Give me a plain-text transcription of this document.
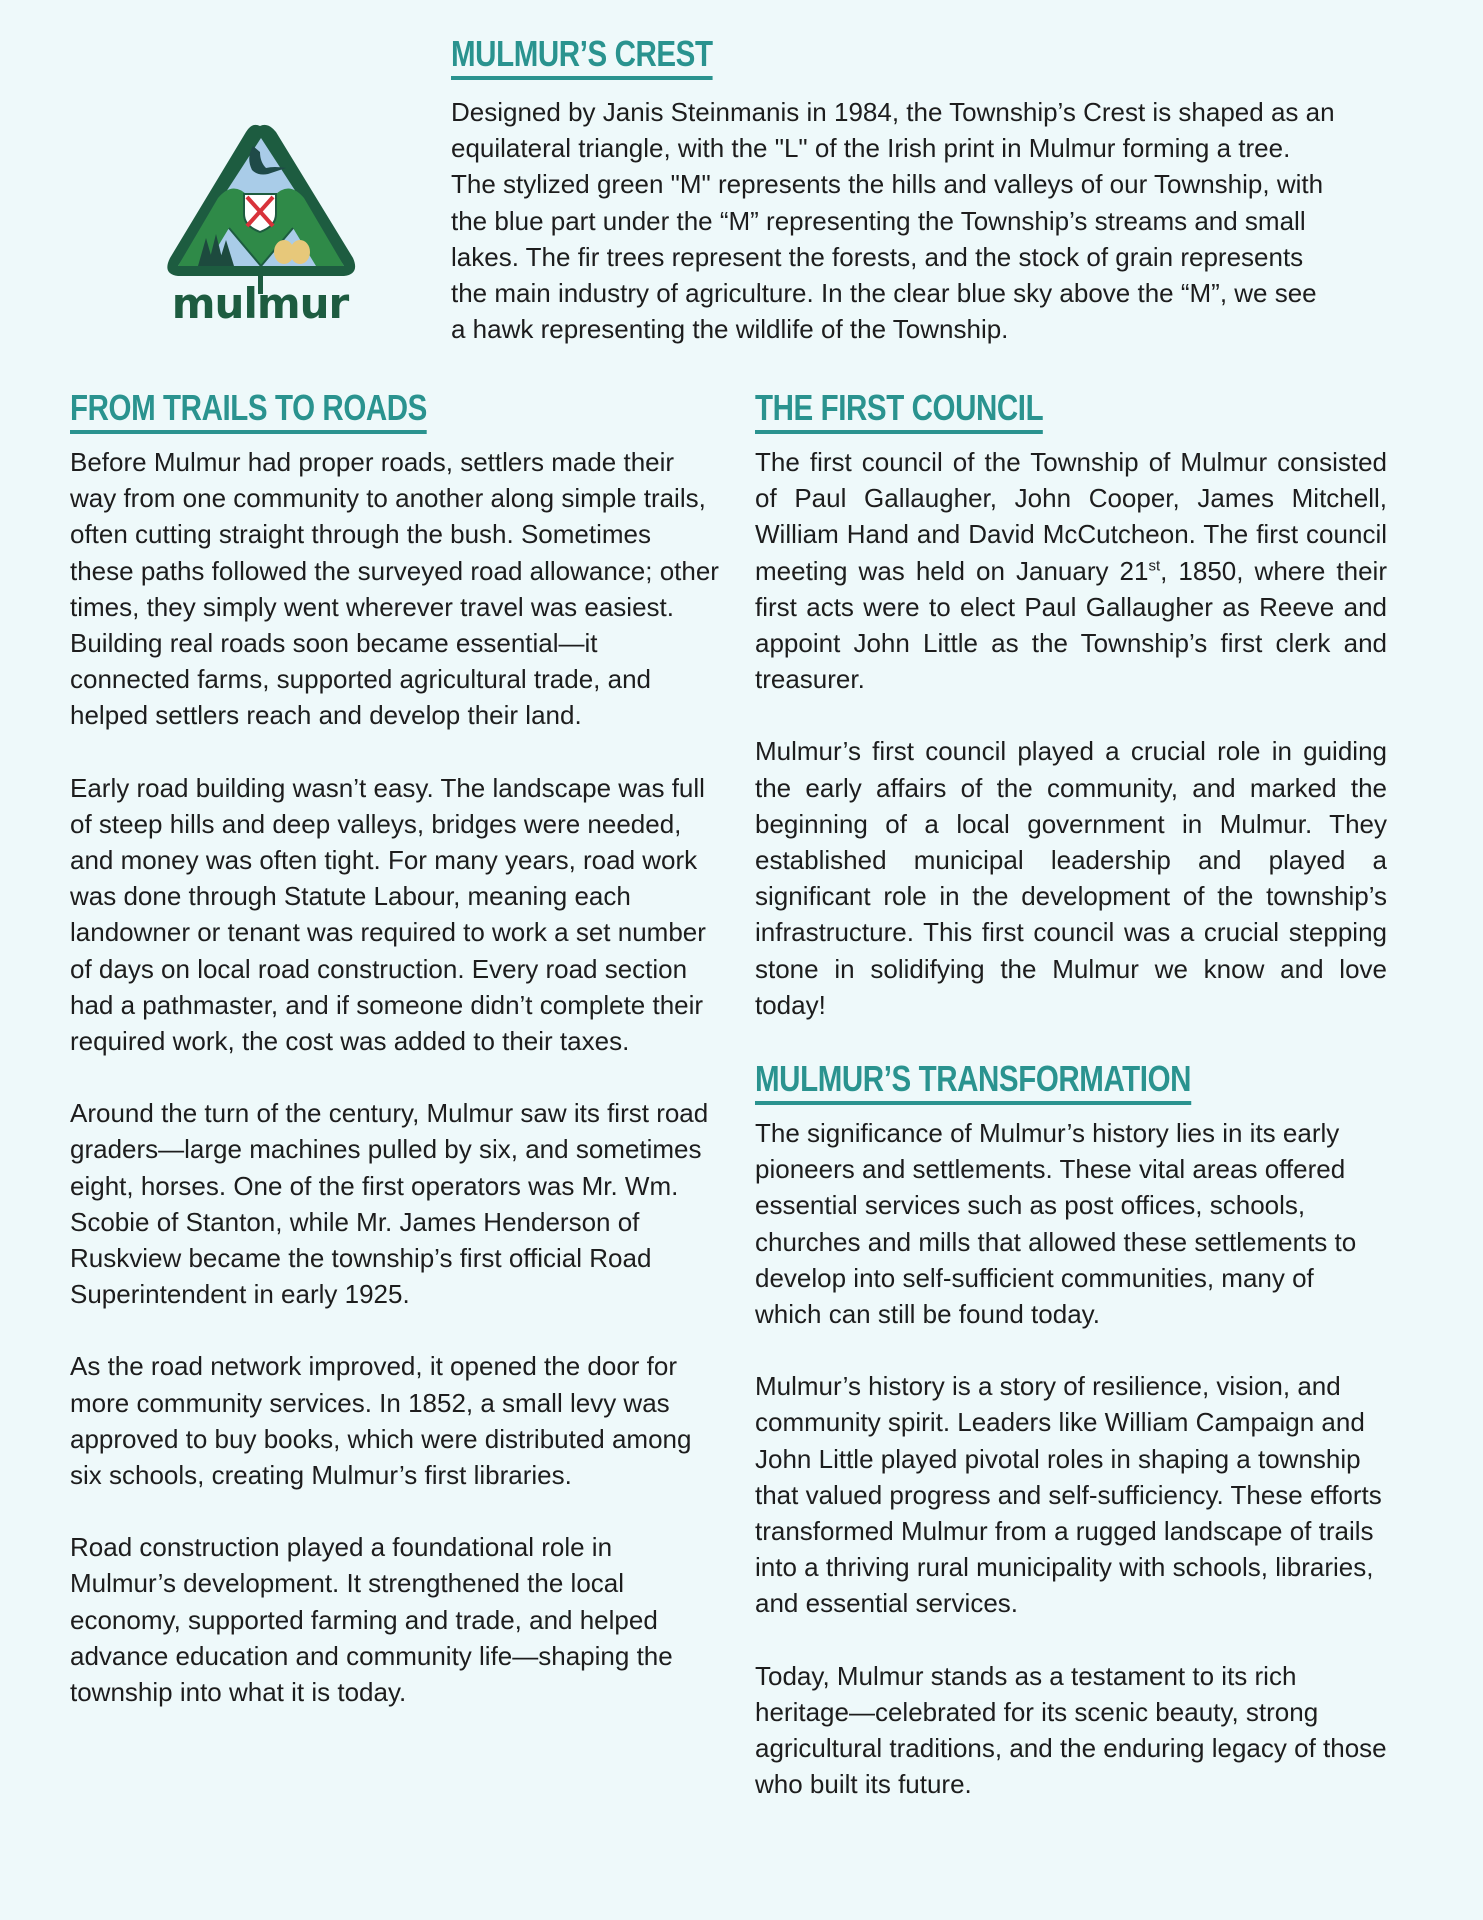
mulmur
MULMUR’S CREST
Designed by Janis Steinmanis in 1984, the Township’s Crest is shaped as an
equilateral triangle, with the "L" of the Irish print in Mulmur forming a tree.
The stylized green "M" represents the hills and valleys of our Township, with
the blue part under the “M” representing the Township’s streams and small
lakes. The fir trees represent the forests, and the stock of grain represents
the main industry of agriculture. In the clear blue sky above the “M”, we see
a hawk representing the wildlife of the Township.
FROM TRAILS TO ROADS

Before Mulmur had proper roads, settlers made their way from one community to another along simple trails, often cutting straight through the bush. Sometimes these paths followed the surveyed road allowance; other times, they simply went wherever travel was easiest. Building real roads soon became essential—it connected farms, supported agricultural trade, and helped settlers reach and develop their land.

Early road building wasn’t easy. The landscape was full of steep hills and deep valleys, bridges were needed, and money was often tight. For many years, road work was done through Statute Labour, meaning each landowner or tenant was required to work a set number of days on local road construction. Every road section had a pathmaster, and if someone didn’t complete their required work, the cost was added to their taxes.

Around the turn of the century, Mulmur saw its first road graders—large machines pulled by six, and sometimes eight, horses. One of the first operators was Mr. Wm. Scobie of Stanton, while Mr. James Henderson of Ruskview became the township’s first official Road Superintendent in early 1925.

As the road network improved, it opened the door for more community services. In 1852, a small levy was approved to buy books, which were distributed among six schools, creating Mulmur’s first libraries.

Road construction played a foundational role in Mulmur’s development. It strengthened the local economy, supported farming and trade, and helped advance education and community life—shaping the township into what it is today.

THE FIRST COUNCIL

The first council of the Township of Mulmur consisted of Paul Gallaugher, John Cooper, James Mitchell, William Hand and David McCutcheon. The first council meeting was held on January 21st, 1850, where their first acts were to elect Paul Gallaugher as Reeve and appoint John Little as the Township’s first clerk and treasurer.

Mulmur’s first council played a crucial role in guiding the early affairs of the community, and marked the beginning of a local government in Mulmur. They established municipal leadership and played a significant role in the development of the township’s infrastructure. This first council was a crucial stepping stone in solidifying the Mulmur we know and love today!

MULMUR’S TRANSFORMATION

The significance of Mulmur’s history lies in its early pioneers and settlements. These vital areas offered essential services such as post offices, schools, churches and mills that allowed these settlements to develop into self-sufficient communities, many of which can still be found today.

Mulmur’s history is a story of resilience, vision, and community spirit. Leaders like William Campaign and John Little played pivotal roles in shaping a township that valued progress and self-sufficiency. These efforts transformed Mulmur from a rugged landscape of trails into a thriving rural municipality with schools, libraries, and essential services.

Today, Mulmur stands as a testament to its rich heritage—celebrated for its scenic beauty, strong agricultural traditions, and the enduring legacy of those who built its future.
